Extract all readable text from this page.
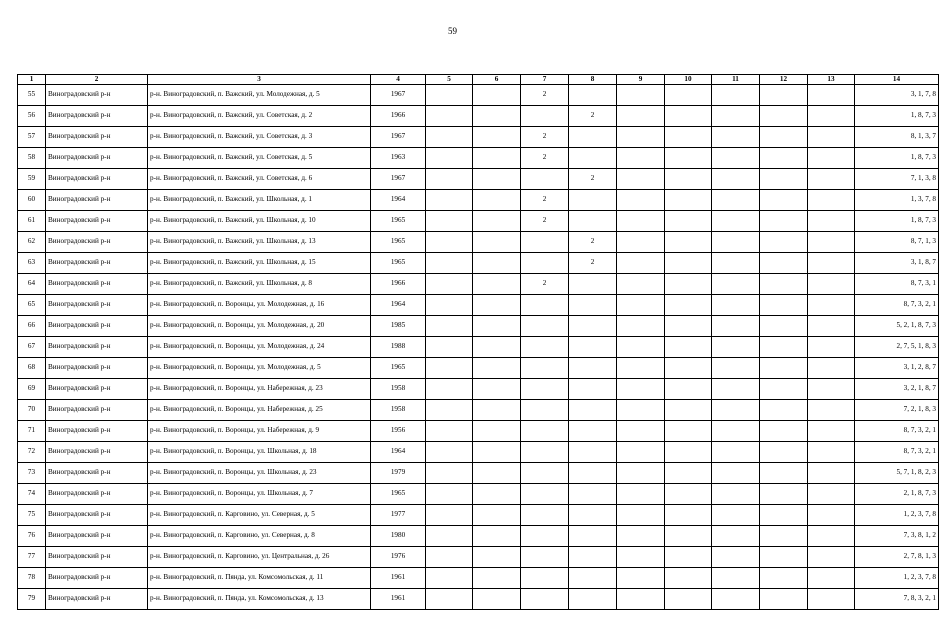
59
1	2	3	4	5	6	7	8	9	10	11	12	13	14
55	Виноградовский р-н	р-н. Виноградовский, п. Важский, ул. Молодежная, д. 5	1967			2							3, 1, 7, 8
56	Виноградовский р-н	р-н. Виноградовский, п. Важский, ул. Советская, д. 2	1966				2						1, 8, 7, 3
57	Виноградовский р-н	р-н. Виноградовский, п. Важский, ул. Советская, д. 3	1967			2							8, 1, 3, 7
58	Виноградовский р-н	р-н. Виноградовский, п. Важский, ул. Советская, д. 5	1963			2							1, 8, 7, 3
59	Виноградовский р-н	р-н. Виноградовский, п. Важский, ул. Советская, д. 6	1967				2						7, 1, 3, 8
60	Виноградовский р-н	р-н. Виноградовский, п. Важский, ул. Школьная, д. 1	1964			2							1, 3, 7, 8
61	Виноградовский р-н	р-н. Виноградовский, п. Важский, ул. Школьная, д. 10	1965			2							1, 8, 7, 3
62	Виноградовский р-н	р-н. Виноградовский, п. Важский, ул. Школьная, д. 13	1965				2						8, 7, 1, 3
63	Виноградовский р-н	р-н. Виноградовский, п. Важский, ул. Школьная, д. 15	1965				2						3, 1, 8, 7
64	Виноградовский р-н	р-н. Виноградовский, п. Важский, ул. Школьная, д. 8	1966			2							8, 7, 3, 1
65	Виноградовский р-н	р-н. Виноградовский, п. Воронцы, ул. Молодежная, д. 16	1964										8, 7, 3, 2, 1
66	Виноградовский р-н	р-н. Виноградовский, п. Воронцы, ул. Молодежная, д. 20	1985										5, 2, 1, 8, 7, 3
67	Виноградовский р-н	р-н. Виноградовский, п. Воронцы, ул. Молодежная, д. 24	1988										2, 7, 5, 1, 8, 3
68	Виноградовский р-н	р-н. Виноградовский, п. Воронцы, ул. Молодежная, д. 5	1965										3, 1, 2, 8, 7
69	Виноградовский р-н	р-н. Виноградовский, п. Воронцы, ул. Набережная, д. 23	1958										3, 2, 1, 8, 7
70	Виноградовский р-н	р-н. Виноградовский, п. Воронцы, ул. Набережная, д. 25	1958										7, 2, 1, 8, 3
71	Виноградовский р-н	р-н. Виноградовский, п. Воронцы, ул. Набережная, д. 9	1956										8, 7, 3, 2, 1
72	Виноградовский р-н	р-н. Виноградовский, п. Воронцы, ул. Школьная, д. 18	1964										8, 7, 3, 2, 1
73	Виноградовский р-н	р-н. Виноградовский, п. Воронцы, ул. Школьная, д. 23	1979										5, 7, 1, 8, 2, 3
74	Виноградовский р-н	р-н. Виноградовский, п. Воронцы, ул. Школьная, д. 7	1965										2, 1, 8, 7, 3
75	Виноградовский р-н	р-н. Виноградовский, п. Карговино, ул. Северная, д. 5	1977										1, 2, 3, 7, 8
76	Виноградовский р-н	р-н. Виноградовский, п. Карговино, ул. Северная, д. 8	1980										7, 3, 8, 1, 2
77	Виноградовский р-н	р-н. Виноградовский, п. Карговино, ул. Центральная, д. 26	1976										2, 7, 8, 1, 3
78	Виноградовский р-н	р-н. Виноградовский, п. Пянда, ул. Комсомольская, д. 11	1961										1, 2, 3, 7, 8
79	Виноградовский р-н	р-н. Виноградовский, п. Пянда, ул. Комсомольская, д. 13	1961										7, 8, 3, 2, 1
